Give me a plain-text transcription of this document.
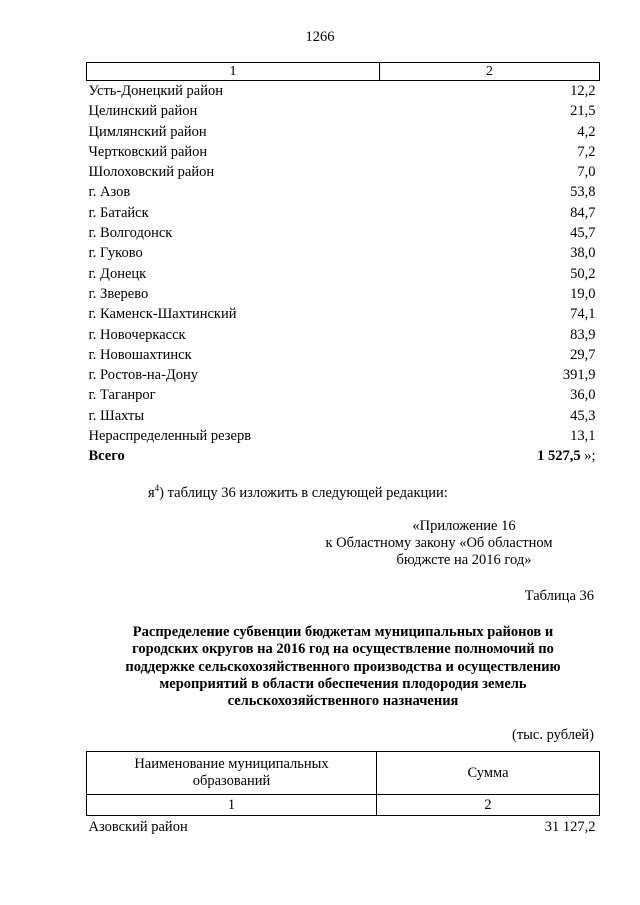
1266
1	2
Усть-Донецкий район	12,2
Целинский район	21,5
Цимлянский район	4,2
Чертковский район	7,2
Шолоховский район	7,0
г. Азов	53,8
г. Батайск	84,7
г. Волгодонск	45,7
г. Гуково	38,0
г. Донецк	50,2
г. Зверево	19,0
г. Каменск-Шахтинский	74,1
г. Новочеркасск	83,9
г. Новошахтинск	29,7
г. Ростов-на-Дону	391,9
г. Таганрог	36,0
г. Шахты	45,3
Нераспределенный резерв	13,1
Всего	1 527,5 »;
$я^4$) таблицу 36 изложить в следующей редакции:
«Приложение 16
к Областному закону «Об областном
бюджсте на 2016 год»
Таблица 36
Распределение субвенции бюджетам муниципальных районов и
городских округов на 2016 год на осуществление полномочий по
поддержке сельскохозяйственного производства и осуществлению
мероприятий в области обеспечения плодородия земель
сельскохозяйственного назначения
(тыс. рублей)
Наименование муниципальных
образований	Сумма
1	2
Азовский район	31 127,2
